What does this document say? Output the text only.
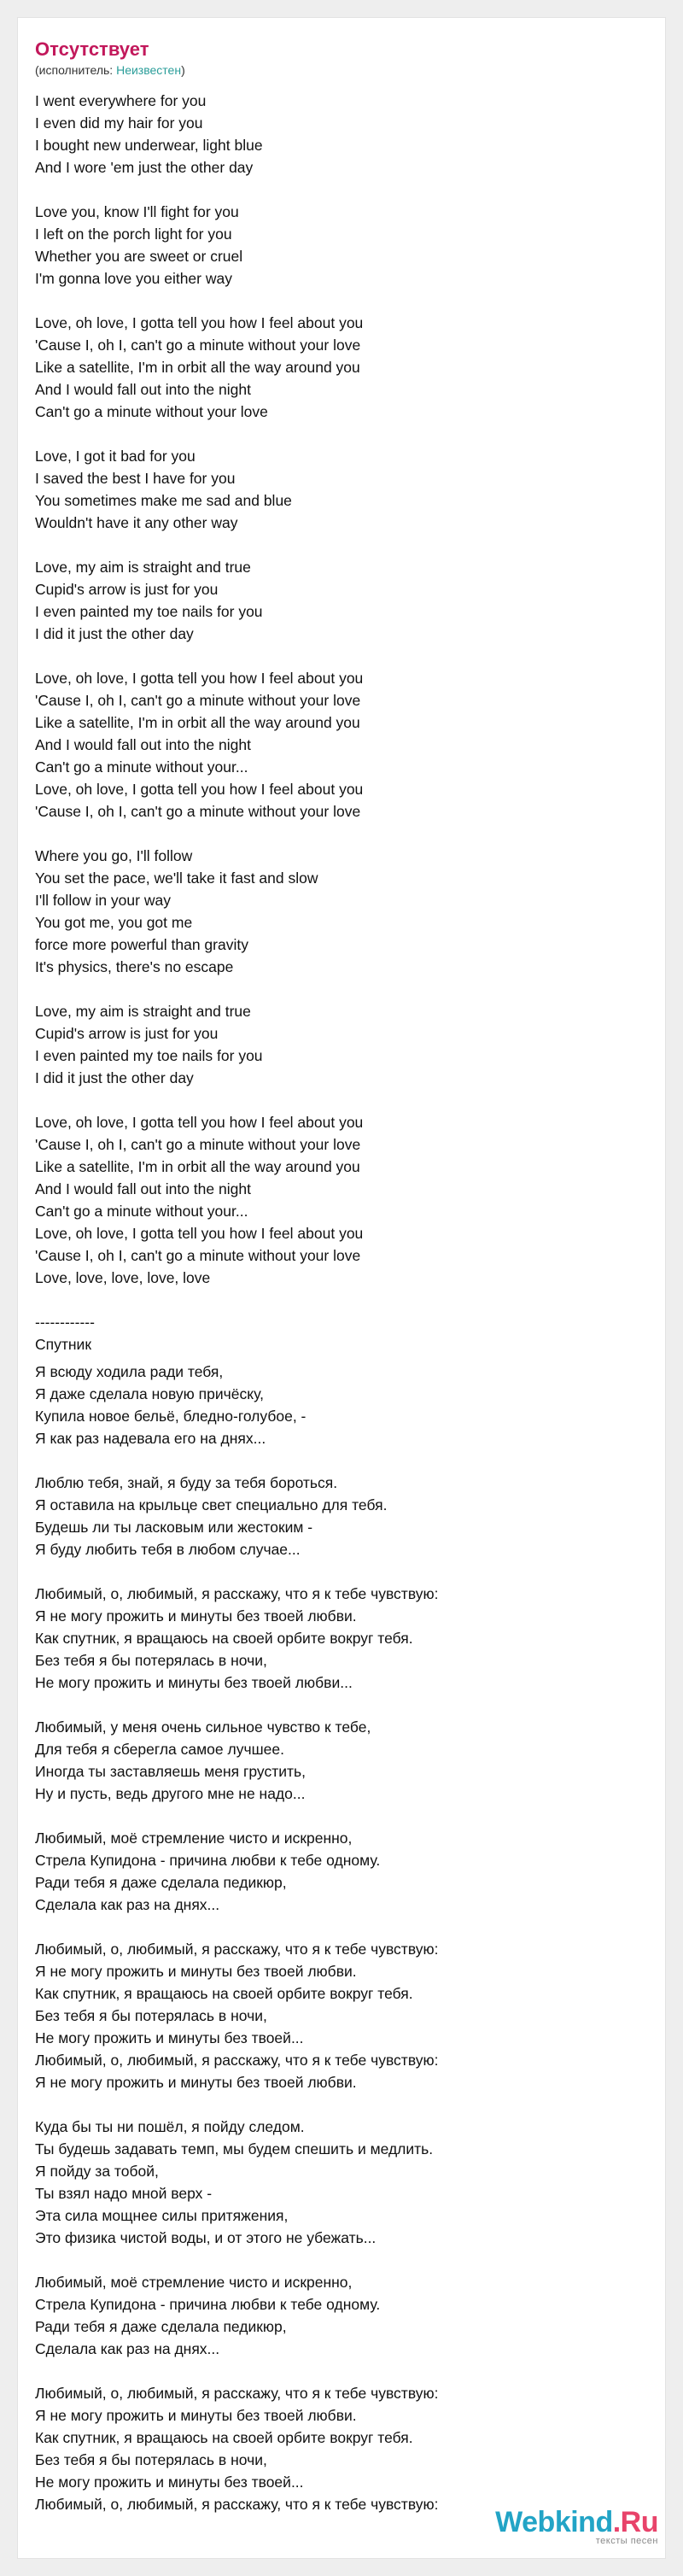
Отсутствует
(исполнитель: Неизвестен)
I went everywhere for you
I even did my hair for you
I bought new underwear, light blue
And I wore 'em just the other day
Love you, know I'll fight for you
I left on the porch light for you
Whether you are sweet or cruel
I'm gonna love you either way
Love, oh love, I gotta tell you how I feel about you
'Cause I, oh I, can't go a minute without your love
Like a satellite, I'm in orbit all the way around you
And I would fall out into the night
Can't go a minute without your love
Love, I got it bad for you
I saved the best I have for you
You sometimes make me sad and blue
Wouldn't have it any other way
Love, my aim is straight and true
Cupid's arrow is just for you
I even painted my toe nails for you
I did it just the other day
Love, oh love, I gotta tell you how I feel about you
'Cause I, oh I, can't go a minute without your love
Like a satellite, I'm in orbit all the way around you
And I would fall out into the night
Can't go a minute without your...
Love, oh love, I gotta tell you how I feel about you
'Cause I, oh I, can't go a minute without your love
Where you go, I'll follow
You set the pace, we'll take it fast and slow
I'll follow in your way
You got me, you got me
force more powerful than gravity
It's physics, there's no escape
Love, my aim is straight and true
Cupid's arrow is just for you
I even painted my toe nails for you
I did it just the other day
Love, oh love, I gotta tell you how I feel about you
'Cause I, oh I, can't go a minute without your love
Like a satellite, I'm in orbit all the way around you
And I would fall out into the night
Can't go a minute without your...
Love, oh love, I gotta tell you how I feel about you
'Cause I, oh I, can't go a minute without your love
Love, love, love, love, love
------------
Спутник
Я всюду ходила ради тебя,
Я даже сделала новую причёску,
Купила новое бельё, бледно-голубое, -
Я как раз надевала его на днях...
Люблю тебя, знай, я буду за тебя бороться.
Я оставила на крыльце свет специально для тебя.
Будешь ли ты ласковым или жестоким -
Я буду любить тебя в любом случае...
Любимый, о, любимый, я расскажу, что я к тебе чувствую:
Я не могу прожить и минуты без твоей любви.
Как спутник, я вращаюсь на своей орбите вокруг тебя.
Без тебя я бы потерялась в ночи,
Не могу прожить и минуты без твоей любви...
Любимый, у меня очень сильное чувство к тебе,
Для тебя я сберегла самое лучшее.
Иногда ты заставляешь меня грустить,
Ну и пусть, ведь другого мне не надо...
Любимый, моё стремление чисто и искренно,
Стрела Купидона - причина любви к тебе одному.
Ради тебя я даже сделала педикюр,
Сделала как раз на днях...
Любимый, о, любимый, я расскажу, что я к тебе чувствую:
Я не могу прожить и минуты без твоей любви.
Как спутник, я вращаюсь на своей орбите вокруг тебя.
Без тебя я бы потерялась в ночи,
Не могу прожить и минуты без твоей...
Любимый, о, любимый, я расскажу, что я к тебе чувствую:
Я не могу прожить и минуты без твоей любви.
Куда бы ты ни пошёл, я пойду следом.
Ты будешь задавать темп, мы будем спешить и медлить.
Я пойду за тобой,
Ты взял надо мной верх -
Эта сила мощнее силы притяжения,
Это физика чистой воды, и от этого не убежать...
Любимый, моё стремление чисто и искренно,
Стрела Купидона - причина любви к тебе одному.
Ради тебя я даже сделала педикюр,
Сделала как раз на днях...
Любимый, о, любимый, я расскажу, что я к тебе чувствую:
Я не могу прожить и минуты без твоей любви.
Как спутник, я вращаюсь на своей орбите вокруг тебя.
Без тебя я бы потерялась в ночи,
Не могу прожить и минуты без твоей...
Любимый, о, любимый, я расскажу, что я к тебе чувствую:
Webkind.Ru
тексты песен
